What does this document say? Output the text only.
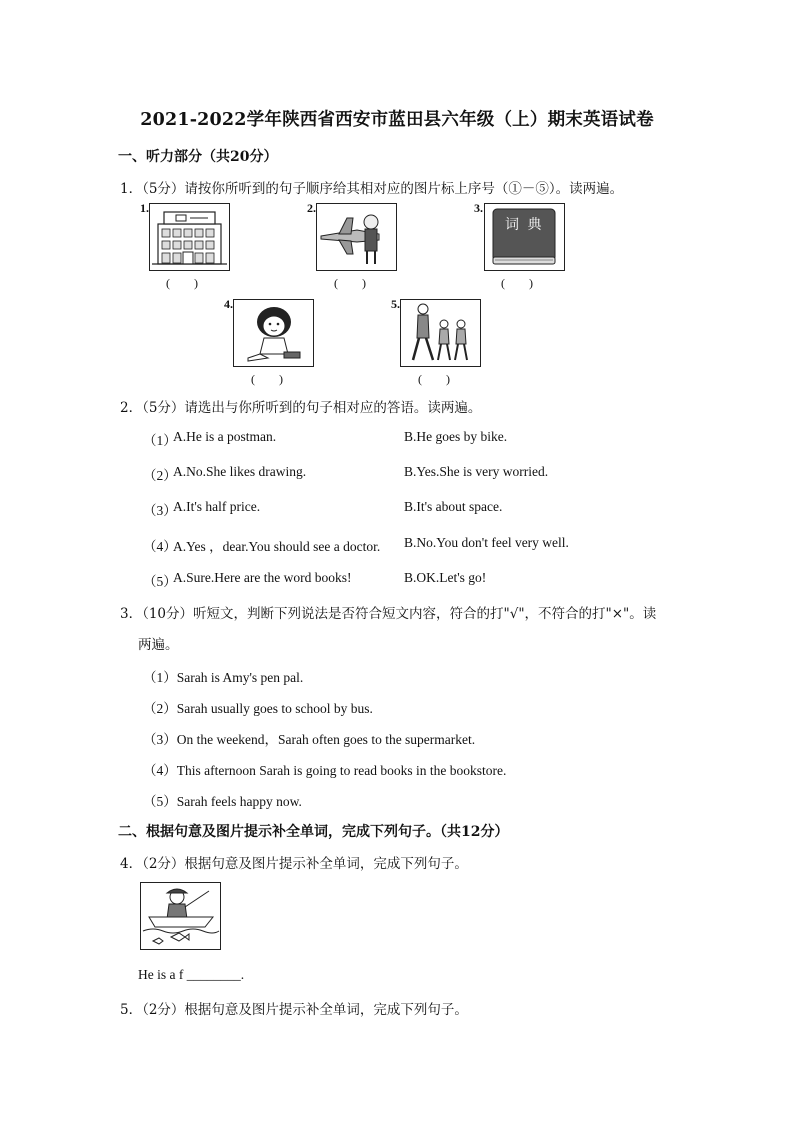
2021-2022学年陕西省西安市蓝田县六年级（上）期末英语试卷
一、听力部分（共20分）
1．（5分）请按你所听到的句子顺序给其相对应的图片标上序号（①－⑤）。读两遍。
1.
(　　)
2.
(　　)
3.
词 典
(　　)
4.
(　　)
5.
(　　)
2．（5分）请选出与你所听到的句子相对应的答语。读两遍。
（1）
A.He is a postman.	B.He goes by bike.
（2）
A.No.She likes drawing.	B.Yes.She is very worried.
（3）
A.It's half price.	B.It's about space.
（4）
A.Yes ，dear.You should see a doctor. B.No.You don't feel very well.
（5）
A.Sure.Here are the word books!	B.OK.Let's go!
3．（10分）听短文，判断下列说法是否符合短文内容，符合的打"√"，不符合的打"×"。读
两遍。
（1）Sarah is Amy's pen pal.
（2）Sarah usually goes to school by bus.
（3）On the weekend，Sarah often goes to the supermarket.
（4）This afternoon Sarah is going to read books in the bookstore.
（5）Sarah feels happy now.
二、根据句意及图片提示补全单词，完成下列句子。（共12分）
4．（2分）根据句意及图片提示补全单词，完成下列句子。
He is a f ________.
5．（2分）根据句意及图片提示补全单词，完成下列句子。
